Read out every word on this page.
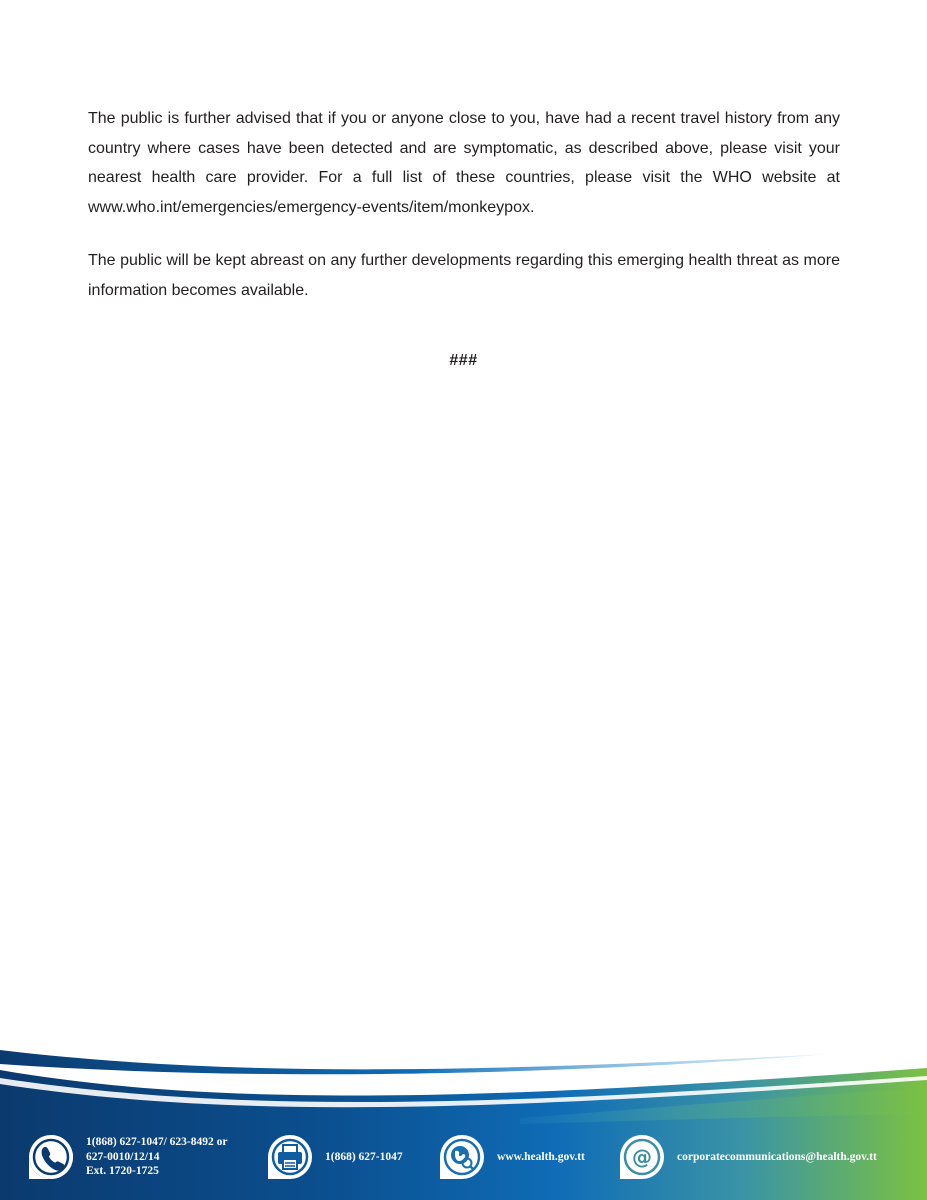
The public is further advised that if you or anyone close to you, have had a recent travel history from any country where cases have been detected and are symptomatic, as described above, please visit your nearest health care provider. For a full list of these countries, please visit the WHO website at www.who.int/emergencies/emergency-events/item/monkeypox.

The public will be kept abreast on any further developments regarding this emerging health threat as more information becomes available.

###
1(868) 627-1047/ 623-8492 or
627-0010/12/14
Ext. 1720-1725
1(868) 627-1047	www.health.gov.tt @ corporatecommunications@health.gov.tt
